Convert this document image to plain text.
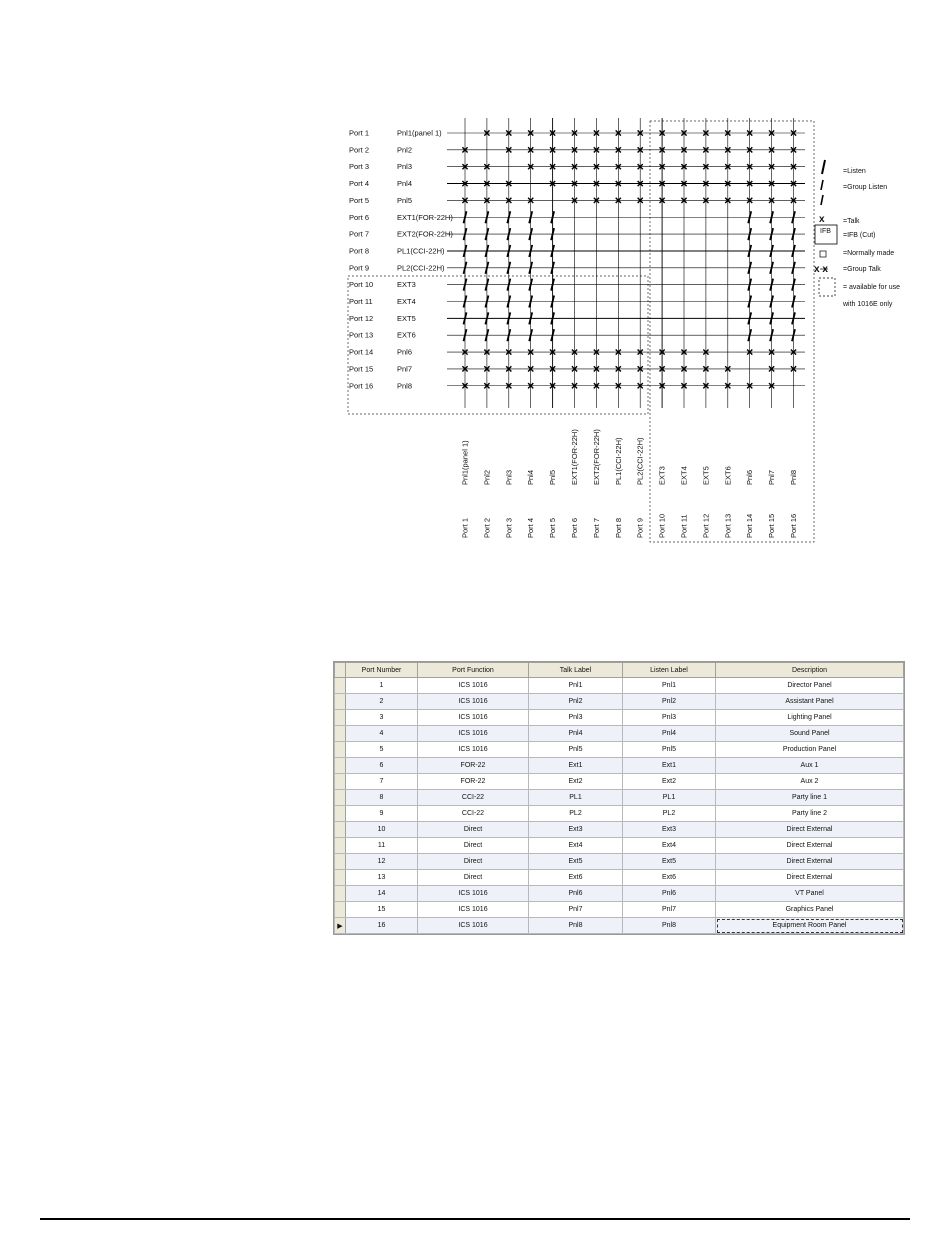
Port 1	Pnl1(panel 1)
Port 2	Pnl2
Port 3	Pnl3
Port 4	Pnl4
Port 5	Pnl5
Port 6	EXT1(FOR-22H)
Port 7	EXT2(FOR-22H)
Port 8	PL1(CCI-22H)
Port 9	PL2(CCI-22H)
Port 10	EXT3
Port 11	EXT4
Port 12	EXT5
Port 13	EXT6
Port 14	Pnl6
Port 15	Pnl7
Port 16	Pnl8
Pnl1(panel 1)
Port 1
Pnl2
Port 2
Pnl3
Port 3
Pnl4
Port 4
Pnl5
Port 5
EXT1(FOR-22H)
Port 6
EXT2(FOR-22H)
Port 7
PL1(CCI-22H)
Port 8
PL2(CCI-22H)
Port 9
EXT3
Port 10
EXT4
Port 11
EXT5
Port 12
EXT6
Port 13
Pnl6
Port 14
Pnl7
Port 15
Pnl8
Port 16
=Listen
=Group Listen
x	=Talk
IFB
=IFB (Cut)
=Normally made
x x =Group Talk
= available for use
with 1016E only
	Port Number	Port Function	Talk Label	Listen Label	Description
	1	ICS 1016	Pnl1	Pnl1	Director Panel
	2	ICS 1016	Pnl2	Pnl2	Assistant Panel
	3	ICS 1016	Pnl3	Pnl3	Lighting Panel
	4	ICS 1016	Pnl4	Pnl4	Sound Panel
	5	ICS 1016	Pnl5	Pnl5	Production Panel
	6	FOR-22	Ext1	Ext1	Aux 1
	7	FOR-22	Ext2	Ext2	Aux 2
	8	CCI-22	PL1	PL1	Party line 1
	9	CCI-22	PL2	PL2	Party line 2
	10	Direct	Ext3	Ext3	Direct External
	11	Direct	Ext4	Ext4	Direct External
	12	Direct	Ext5	Ext5	Direct External
	13	Direct	Ext6	Ext6	Direct External
	14	ICS 1016	Pnl6	Pnl6	VT Panel
	15	ICS 1016	Pnl7	Pnl7	Graphics Panel
▶	16	ICS 1016	Pnl8	Pnl8	Equipment Room Panel
